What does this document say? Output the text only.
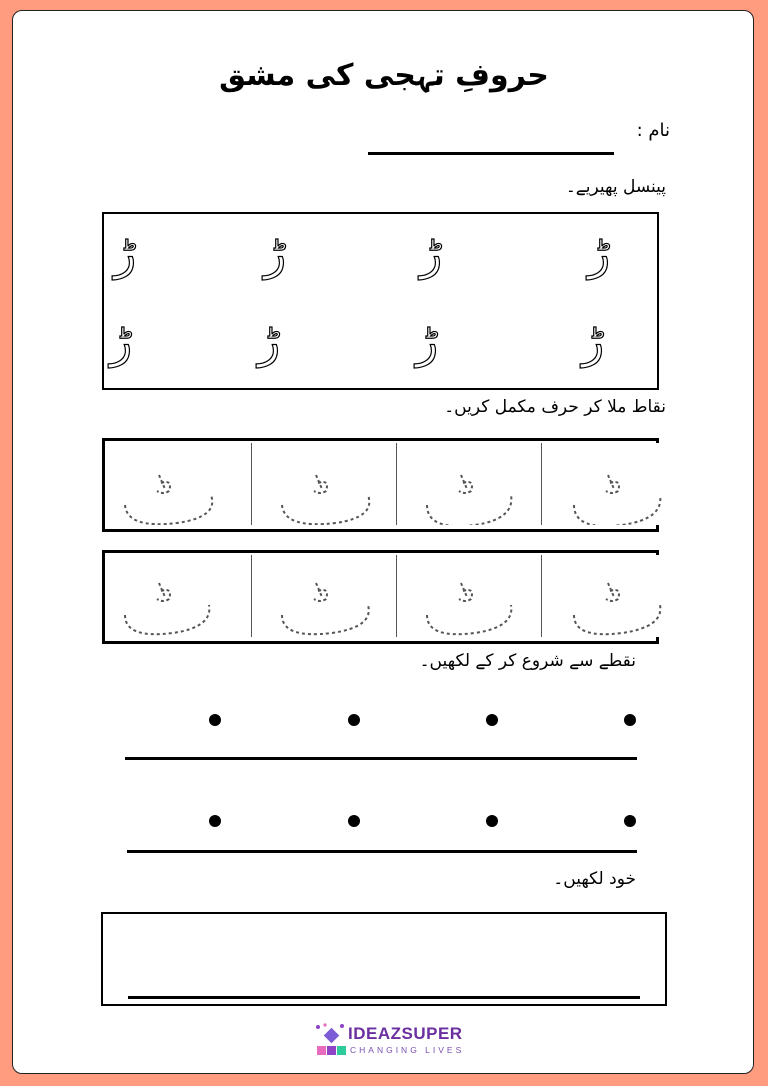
حروفِ تہجی کی مشق
نام :
پینسل پھیریے۔
ڑ
ڑ
ڑ
ڑ
ڑ
ڑ
ڑ
ڑ
نقاط ملا کر حرف مکمل کریں۔
نقطے سے شروع کر کے لکھیں۔
خود لکھیں۔
IDEAZSUPER
CHANGING LIVES
